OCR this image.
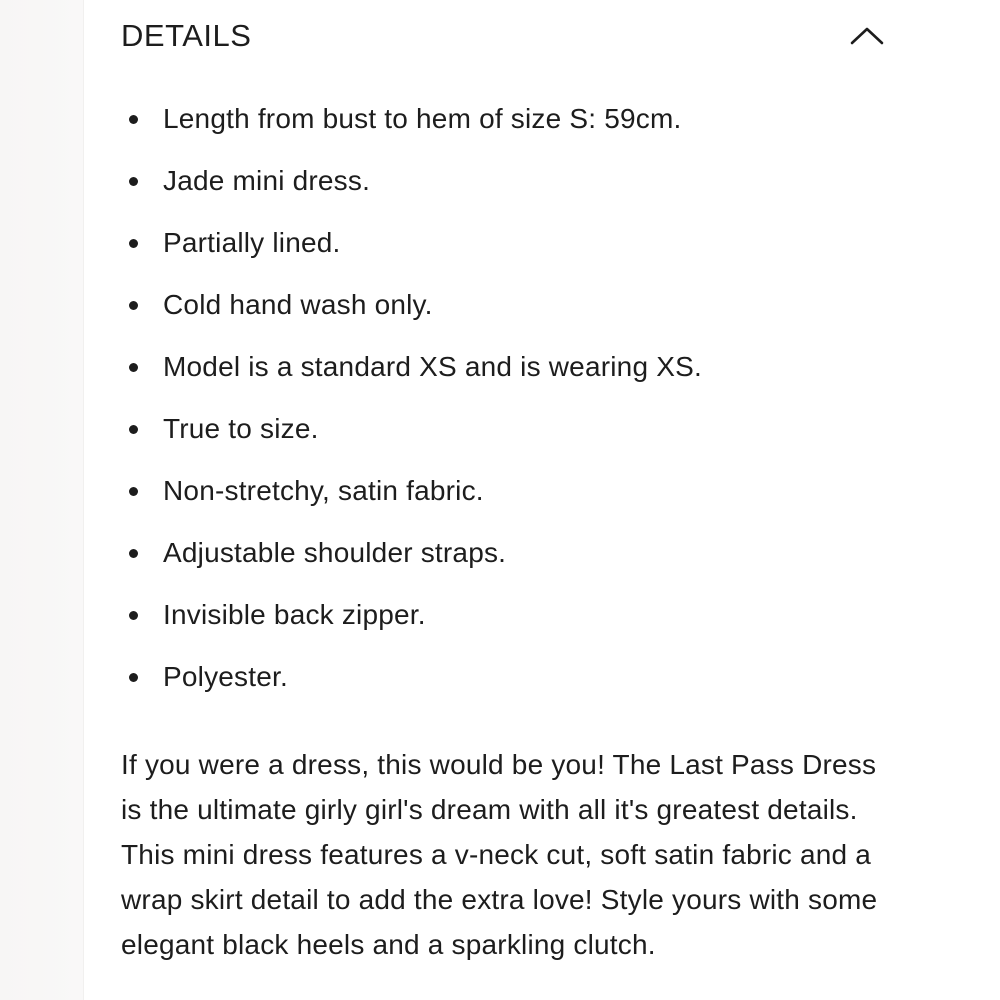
DETAILS
Length from bust to hem of size S: 59cm.
Jade mini dress.
Partially lined.
Cold hand wash only.
Model is a standard XS and is wearing XS.
True to size.
Non-stretchy, satin fabric.
Adjustable shoulder straps.
Invisible back zipper.
Polyester.

If you were a dress, this would be you! The Last Pass Dress is the ultimate girly girl's dream with all it's greatest details. This mini dress features a v-neck cut, soft satin fabric and a wrap skirt detail to add the extra love! Style yours with some elegant black heels and a sparkling clutch.
